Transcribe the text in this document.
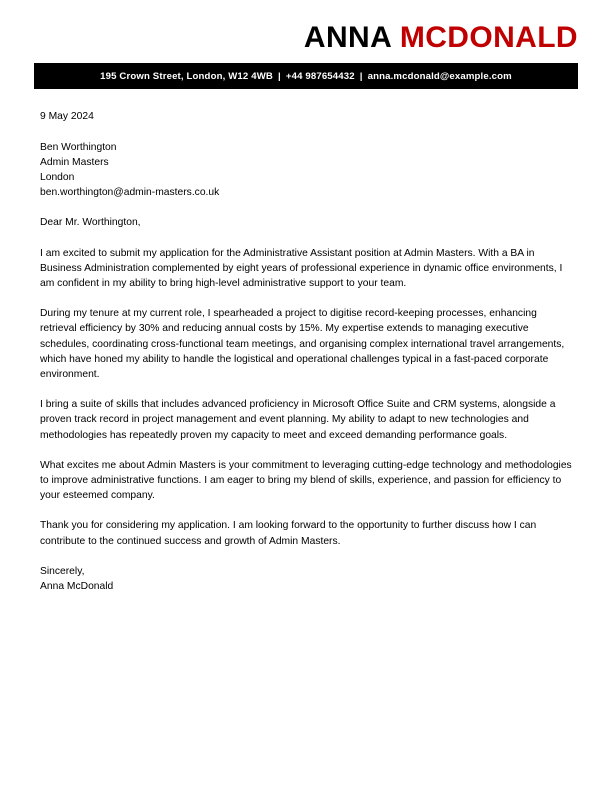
ANNA MCDONALD
195 Crown Street, London, W12 4WB | +44 987654432 | anna.mcdonald@example.com
9 May 2024
Ben Worthington
Admin Masters
London
ben.worthington@admin-masters.co.uk
Dear Mr. Worthington,
I am excited to submit my application for the Administrative Assistant position at Admin Masters. With a BA in Business Administration complemented by eight years of professional experience in dynamic office environments, I am confident in my ability to bring high-level administrative support to your team.
During my tenure at my current role, I spearheaded a project to digitise record-keeping processes, enhancing retrieval efficiency by 30% and reducing annual costs by 15%. My expertise extends to managing executive schedules, coordinating cross-functional team meetings, and organising complex international travel arrangements, which have honed my ability to handle the logistical and operational challenges typical in a fast-paced corporate environment.
I bring a suite of skills that includes advanced proficiency in Microsoft Office Suite and CRM systems, alongside a proven track record in project management and event planning. My ability to adapt to new technologies and methodologies has repeatedly proven my capacity to meet and exceed demanding performance goals.
What excites me about Admin Masters is your commitment to leveraging cutting-edge technology and methodologies to improve administrative functions. I am eager to bring my blend of skills, experience, and passion for efficiency to your esteemed company.
Thank you for considering my application. I am looking forward to the opportunity to further discuss how I can contribute to the continued success and growth of Admin Masters.
Sincerely,
Anna McDonald
